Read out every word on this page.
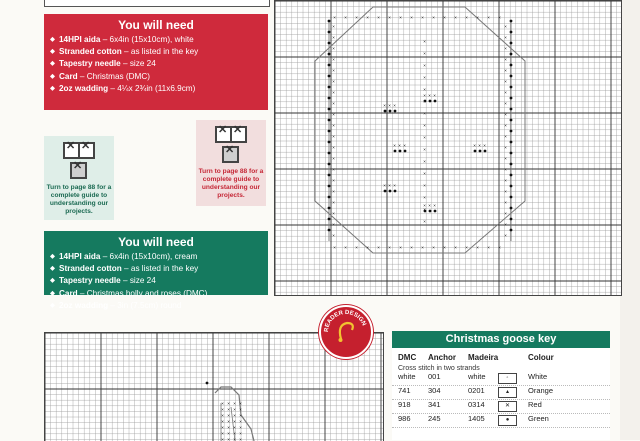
You will need
◆ 14HPI aida – 6x4in (15x10cm), white
◆ Stranded cotton – as listed in the key
◆ Tapestry needle – size 24
◆ Card – Christmas (DMC)
◆ 2oz wadding – 4¼x 2¾in (11x6.9cm)
✕
✕
✕
Turn to page 88 for a complete guide to understanding our projects.
✕
✕
✕
Turn to page 88 for a complete guide to understanding our projects.
You will need
◆ 14HPI aida – 6x4in (15x10cm), cream
◆ Stranded cotton – as listed in the key
◆ Tapestry needle – size 24
◆ Card – Christmas holly and roses (DMC)
◆ 2oz wadding – 3in (7.5cm) round
×	×
×	×
×	×
×	×
×	×
×	×
×	×
×	×
×	×
×	×
×	×
×	×
×	×
×	×
×	×
×	×
×	×
×	×
×	×
×	×
×
×
×
×
×
×
×
×
×
×
×
×
×
×
×
×
×
×
×
×
×
×
×
×
×
×
×
×
×
×
×
×
× × ×
× × ×
× × ×
× × ×
× × ×
× × ×
×
×
×
×
×
×
×
×
×
×
×
×
×
×
×
×
× × × ×
× × × ×
× × × ×
× × × ×
× × × ×
× × × ×
× × × ×
READER DESIGN
Christmas goose key
DMC Anchor Madeira	Colour
Cross stitch in two strands
white 001	white	◦	White
741 304	0201	▴	Orange
918 341	0314	✕	Red
986 245	1405	●	Green
